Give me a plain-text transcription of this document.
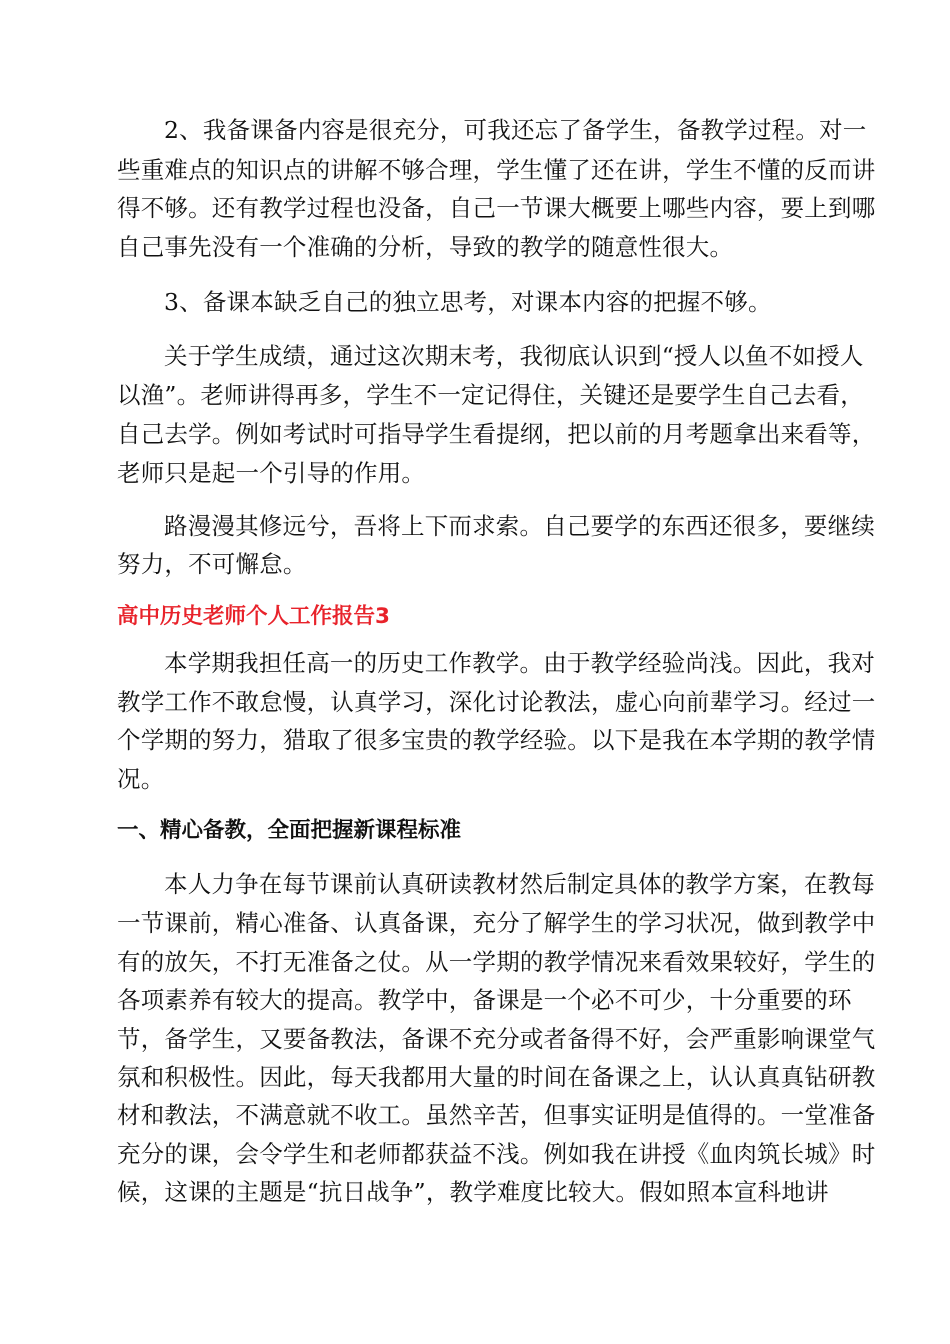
2、我备课备内容是很充分，可我还忘了备学生，备教学过程。对一
些重难点的知识点的讲解不够合理，学生懂了还在讲，学生不懂的反而讲
得不够。还有教学过程也没备，自己一节课大概要上哪些内容，要上到哪
自己事先没有一个准确的分析，导致的教学的随意性很大。
3、备课本缺乏自己的独立思考，对课本内容的把握不够。
关于学生成绩，通过这次期末考，我彻底认识到“授人以鱼不如授人
以渔”。老师讲得再多，学生不一定记得住，关键还是要学生自己去看，
自己去学。例如考试时可指导学生看提纲，把以前的月考题拿出来看等，
老师只是起一个引导的作用。
路漫漫其修远兮，吾将上下而求索。自己要学的东西还很多，要继续
努力，不可懈怠。
高中历史老师个人工作报告3
本学期我担任高一的历史工作教学。由于教学经验尚浅。因此，我对
教学工作不敢怠慢，认真学习，深化讨论教法，虚心向前辈学习。经过一
个学期的努力，猎取了很多宝贵的教学经验。以下是我在本学期的教学情
况。
一、精心备教，全面把握新课程标准
本人力争在每节课前认真研读教材然后制定具体的教学方案，在教每
一节课前，精心准备、认真备课，充分了解学生的学习状况，做到教学中
有的放矢，不打无准备之仗。从一学期的教学情况来看效果较好，学生的
各项素养有较大的提高。教学中，备课是一个必不可少，十分重要的环
节，备学生，又要备教法，备课不充分或者备得不好，会严重影响课堂气
氛和积极性。因此，每天我都用大量的时间在备课之上，认认真真钻研教
材和教法，不满意就不收工。虽然辛苦，但事实证明是值得的。一堂准备
充分的课，会令学生和老师都获益不浅。例如我在讲授《血肉筑长城》时
候，这课的主题是“抗日战争”，教学难度比较大。假如照本宣科地讲
